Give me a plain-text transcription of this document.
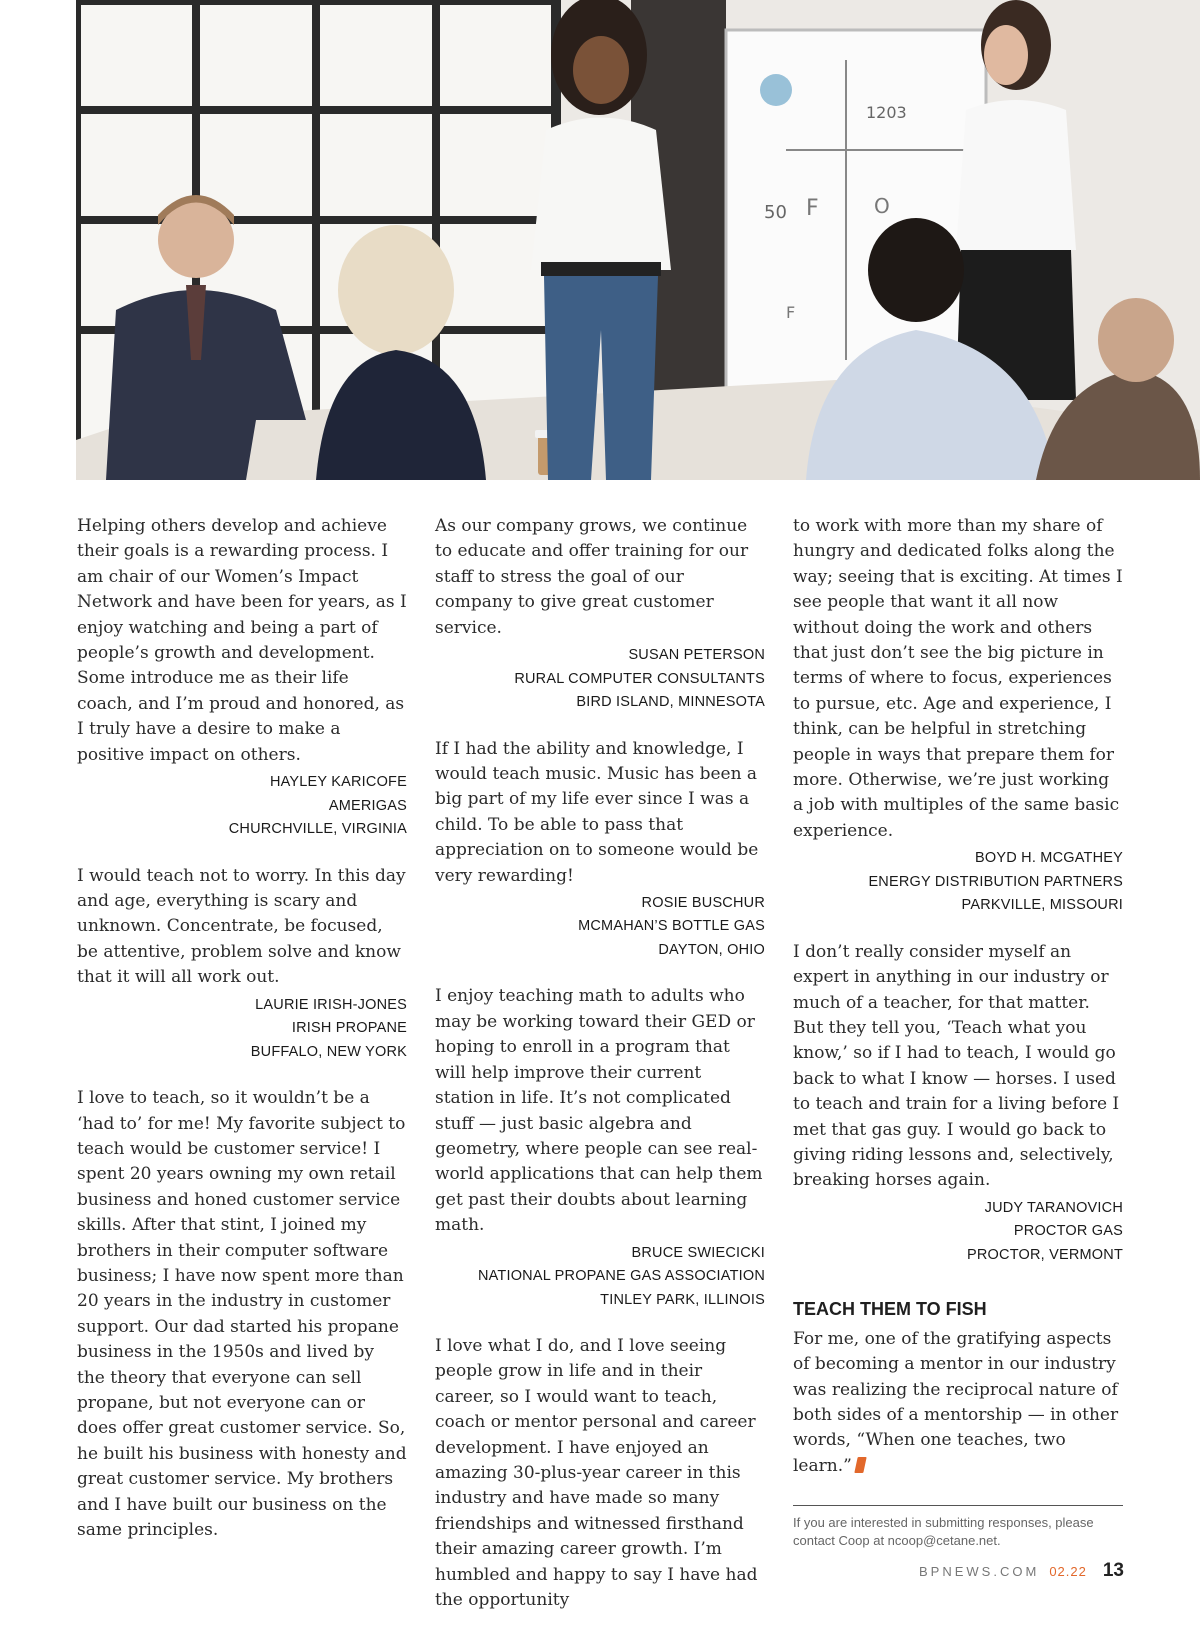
1203
50 F	O
F

Helping others develop and achieve their goals is a rewarding process. I am chair of our Women’s Impact Network and have been for years, as I enjoy watching and being a part of people’s growth and development. Some introduce me as their life coach, and I’m proud and honored, as I truly have a desire to make a positive impact on others.

HAYLEY KARICOFE
AMERIGAS
CHURCHVILLE, VIRGINIA

I would teach not to worry. In this day and age, everything is scary and unknown. Concentrate, be focused, be attentive, problem solve and know that it will all work out.

LAURIE IRISH-JONES
IRISH PROPANE
BUFFALO, NEW YORK

I love to teach, so it wouldn’t be a ‘had to’ for me! My favorite subject to teach would be customer service! I spent 20 years owning my own retail business and honed customer service skills. After that stint, I joined my brothers in their computer software business; I have now spent more than 20 years in the industry in customer support. Our dad started his propane business in the 1950s and lived by the theory that everyone can sell propane, but not everyone can or does offer great customer service. So, he built his business with honesty and great customer service. My brothers and I have built our business on the same principles.

As our company grows, we continue to educate and offer training for our staff to stress the goal of our company to give great customer service.

SUSAN PETERSON
RURAL COMPUTER CONSULTANTS
BIRD ISLAND, MINNESOTA

If I had the ability and knowledge, I would teach music. Music has been a big part of my life ever since I was a child. To be able to pass that appreciation on to someone would be very rewarding!

ROSIE BUSCHUR
MCMAHAN’S BOTTLE GAS
DAYTON, OHIO

I enjoy teaching math to adults who may be working toward their GED or hoping to enroll in a program that will help improve their current station in life. It’s not complicated stuff — just basic algebra and geometry, where people can see real-world applications that can help them get past their doubts about learning math.

BRUCE SWIECICKI
NATIONAL PROPANE GAS ASSOCIATION
TINLEY PARK, ILLINOIS

I love what I do, and I love seeing people grow in life and in their career, so I would want to teach, coach or mentor personal and career development. I have enjoyed an amazing 30-plus-year career in this industry and have made so many friendships and witnessed firsthand their amazing career growth. I’m humbled and happy to say I have had the opportunity

to work with more than my share of hungry and dedicated folks along the way; seeing that is exciting. At times I see people that want it all now without doing the work and others that just don’t see the big picture in terms of where to focus, experiences to pursue, etc. Age and experience, I think, can be helpful in stretching people in ways that prepare them for more. Otherwise, we’re just working a job with multiples of the same basic experience.

BOYD H. MCGATHEY
ENERGY DISTRIBUTION PARTNERS
PARKVILLE, MISSOURI

I don’t really consider myself an expert in anything in our industry or much of a teacher, for that matter. But they tell you, ‘Teach what you know,’ so if I had to teach, I would go back to what I know — horses. I used to teach and train for a living before I met that gas guy. I would go back to giving riding lessons and, selectively, breaking horses again.

JUDY TARANOVICH
PROCTOR GAS
PROCTOR, VERMONT
TEACH THEM TO FISH

For me, one of the gratifying aspects of becoming a mentor in our industry was realizing the reciprocal nature of both sides of a mentorship — in other words, “When one teaches, two learn.”

If you are interested in submitting responses, please contact Coop at ncoop@cetane.net.
BPNEWS.COM 02.22 13
